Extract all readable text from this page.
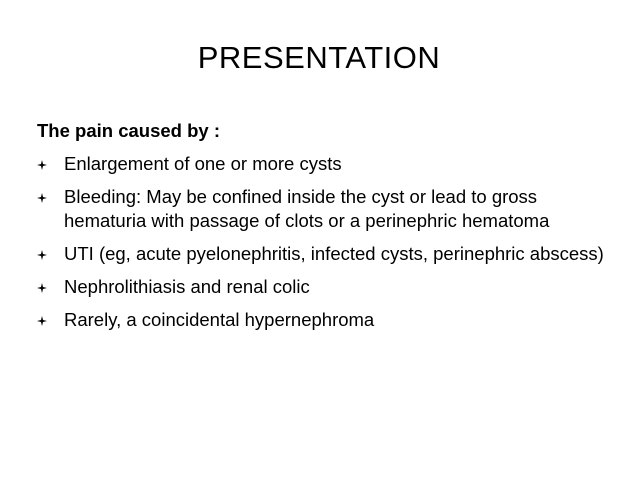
PRESENTATION
The pain caused by :
Enlargement of one or more cysts
Bleeding: May be confined inside the cyst or lead to gross hematuria with passage of clots or a perinephric hematoma
UTI (eg, acute pyelonephritis, infected cysts, perinephric abscess)
Nephrolithiasis and renal colic
Rarely, a coincidental hypernephroma
